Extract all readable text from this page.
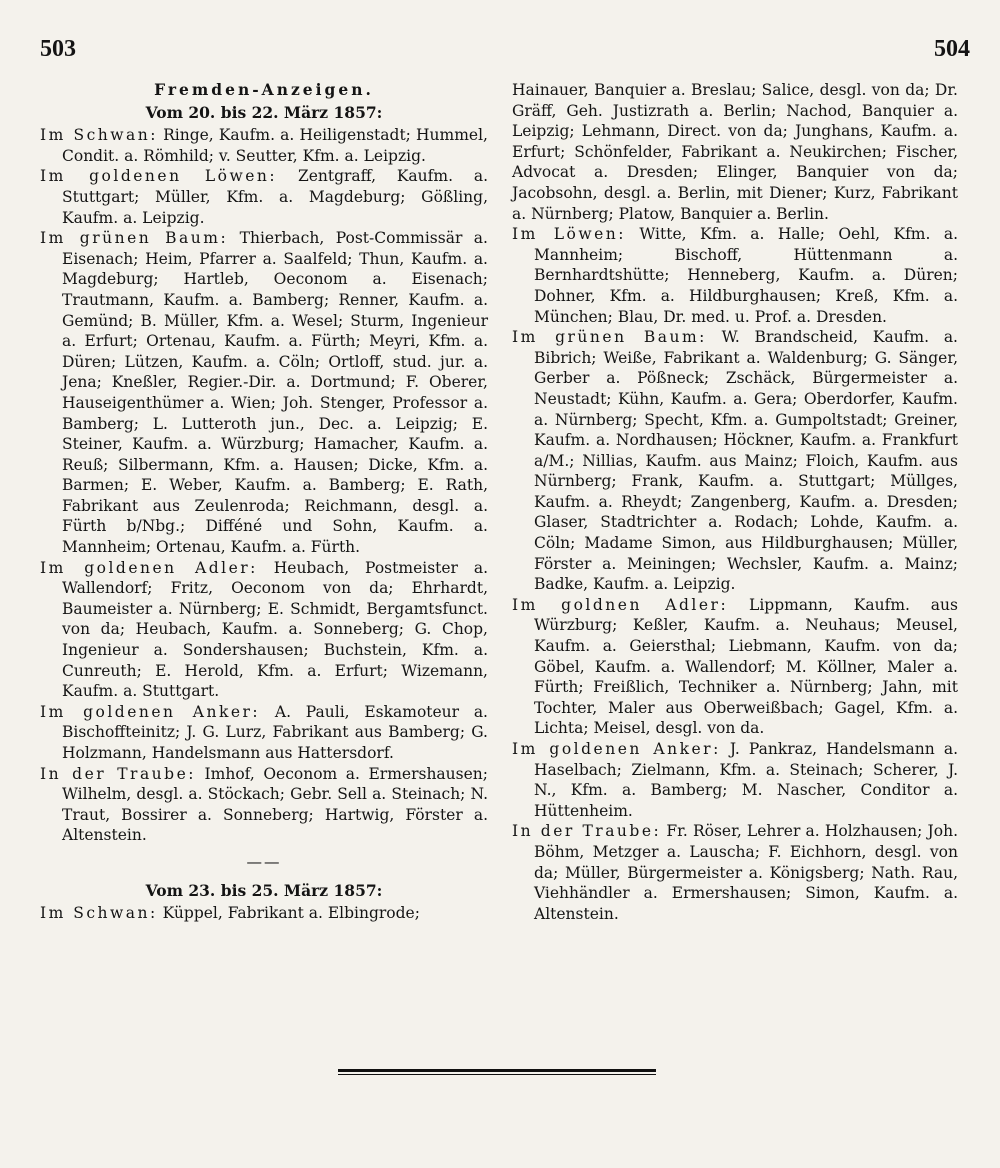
503	504

Fremden-Anzeigen.

Vom 20. bis 22. März 1857:

Im Schwan: Ringe, Kaufm. a. Heiligenstadt; Hummel, Condit. a. Römhild; v. Seutter, Kfm. a. Leipzig.

Im goldenen Löwen: Zentgraff, Kaufm. a. Stuttgart; Müller, Kfm. a. Magdeburg; Gößling, Kaufm. a. Leipzig.

Im grünen Baum: Thierbach, Post-Commissär a. Eisenach; Heim, Pfarrer a. Saalfeld; Thun, Kaufm. a. Magdeburg; Hartleb, Oeconom a. Eisenach; Trautmann, Kaufm. a. Bamberg; Renner, Kaufm. a. Gemünd; B. Müller, Kfm. a. Wesel; Sturm, Ingenieur a. Erfurt; Ortenau, Kaufm. a. Fürth; Meyri, Kfm. a. Düren; Lützen, Kaufm. a. Cöln; Ortloff, stud. jur. a. Jena; Kneßler, Regier.-Dir. a. Dortmund; F. Oberer, Hauseigenthümer a. Wien; Joh. Stenger, Professor a. Bamberg; L. Lutteroth jun., Dec. a. Leipzig; E. Steiner, Kaufm. a. Würzburg; Hamacher, Kaufm. a. Reuß; Silbermann, Kfm. a. Hausen; Dicke, Kfm. a. Barmen; E. Weber, Kaufm. a. Bamberg; E. Rath, Fabrikant aus Zeulenroda; Reichmann, desgl. a. Fürth b/Nbg.; Difféné und Sohn, Kaufm. a. Mannheim; Ortenau, Kaufm. a. Fürth.

Im goldenen Adler: Heubach, Postmeister a. Wallendorf; Fritz, Oeconom von da; Ehrhardt, Baumeister a. Nürnberg; E. Schmidt, Bergamtsfunct. von da; Heubach, Kaufm. a. Sonneberg; G. Chop, Ingenieur a. Sondershausen; Buchstein, Kfm. a. Cunreuth; E. Herold, Kfm. a. Erfurt; Wizemann, Kaufm. a. Stuttgart.

Im goldenen Anker: A. Pauli, Eskamoteur a. Bischoffteinitz; J. G. Lurz, Fabrikant aus Bamberg; G. Holzmann, Handelsmann aus Hattersdorf.

In der Traube: Imhof, Oeconom a. Ermershausen; Wilhelm, desgl. a. Stöckach; Gebr. Sell a. Steinach; N. Traut, Bossirer a. Sonneberg; Hartwig, Förster a. Altenstein.

——

Vom 23. bis 25. März 1857:

Im Schwan: Küppel, Fabrikant a. Elbingrode;

Hainauer, Banquier a. Breslau; Salice, desgl. von da; Dr. Gräff, Geh. Justizrath a. Berlin; Nachod, Banquier a. Leipzig; Lehmann, Direct. von da; Junghans, Kaufm. a. Erfurt; Schönfelder, Fabrikant a. Neukirchen; Fischer, Advocat a. Dresden; Elinger, Banquier von da; Jacobsohn, desgl. a. Berlin, mit Diener; Kurz, Fabrikant a. Nürnberg; Platow, Banquier a. Berlin.

Im Löwen: Witte, Kfm. a. Halle; Oehl, Kfm. a. Mannheim; Bischoff, Hüttenmann a. Bernhardtshütte; Henneberg, Kaufm. a. Düren; Dohner, Kfm. a. Hildburghausen; Kreß, Kfm. a. München; Blau, Dr. med. u. Prof. a. Dresden.

Im grünen Baum: W. Brandscheid, Kaufm. a. Bibrich; Weiße, Fabrikant a. Waldenburg; G. Sänger, Gerber a. Pößneck; Zschäck, Bürgermeister a. Neustadt; Kühn, Kaufm. a. Gera; Oberdorfer, Kaufm. a. Nürnberg; Specht, Kfm. a. Gumpoltstadt; Greiner, Kaufm. a. Nordhausen; Höckner, Kaufm. a. Frankfurt a/M.; Nillias, Kaufm. aus Mainz; Floich, Kaufm. aus Nürnberg; Frank, Kaufm. a. Stuttgart; Müllges, Kaufm. a. Rheydt; Zangenberg, Kaufm. a. Dresden; Glaser, Stadtrichter a. Rodach; Lohde, Kaufm. a. Cöln; Madame Simon, aus Hildburghausen; Müller, Förster a. Meiningen; Wechsler, Kaufm. a. Mainz; Badke, Kaufm. a. Leipzig.

Im goldnen Adler: Lippmann, Kaufm. aus Würzburg; Keßler, Kaufm. a. Neuhaus; Meusel, Kaufm. a. Geiersthal; Liebmann, Kaufm. von da; Göbel, Kaufm. a. Wallendorf; M. Köllner, Maler a. Fürth; Freißlich, Techniker a. Nürnberg; Jahn, mit Tochter, Maler aus Oberweißbach; Gagel, Kfm. a. Lichta; Meisel, desgl. von da.

Im goldenen Anker: J. Pankraz, Handelsmann a. Haselbach; Zielmann, Kfm. a. Steinach; Scherer, J. N., Kfm. a. Bamberg; M. Nascher, Conditor a. Hüttenheim.

In der Traube: Fr. Röser, Lehrer a. Holzhausen; Joh. Böhm, Metzger a. Lauscha; F. Eichhorn, desgl. von da; Müller, Bürgermeister a. Königsberg; Nath. Rau, Viehhändler a. Ermershausen; Simon, Kaufm. a. Altenstein.
